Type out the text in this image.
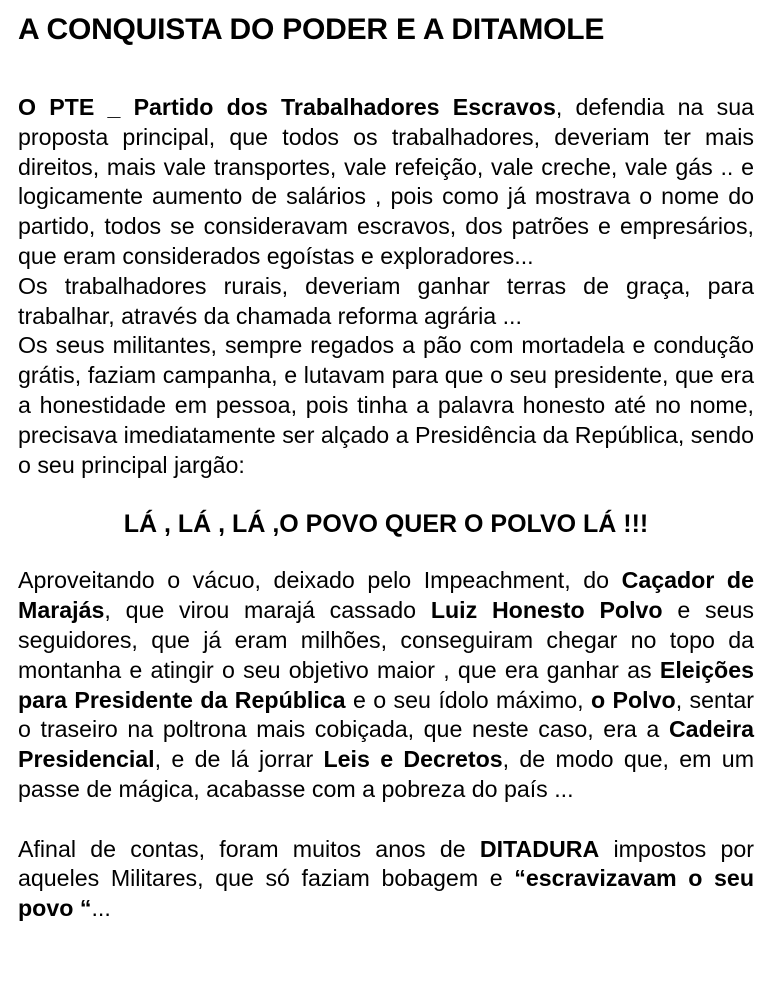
A CONQUISTA DO PODER E A DITAMOLE

O PTE _ Partido dos Trabalhadores Escravos, defendia na sua proposta principal, que todos os trabalhadores, deveriam ter mais direitos, mais vale transportes, vale refeição, vale creche, vale gás .. e logicamente aumento de salários , pois como já mostrava o nome do partido, todos se consideravam escravos, dos patrões e empresários, que eram considerados egoístas e exploradores...

Os trabalhadores rurais, deveriam ganhar terras de graça, para trabalhar, através da chamada reforma agrária ...

Os seus militantes, sempre regados a pão com mortadela e condução grátis, faziam campanha, e lutavam para que o seu presidente, que era a honestidade em pessoa, pois tinha a palavra honesto até no nome, precisava imediatamente ser alçado a Presidência da República, sendo o seu principal jargão:

LÁ , LÁ , LÁ ,O POVO QUER O POLVO LÁ !!!

Aproveitando o vácuo, deixado pelo Impeachment, do Caçador de Marajás, que virou marajá cassado Luiz Honesto Polvo e seus seguidores, que já eram milhões, conseguiram chegar no topo da montanha e atingir o seu objetivo maior , que era ganhar as Eleições para Presidente da República e o seu ídolo máximo, o Polvo, sentar o traseiro na poltrona mais cobiçada, que neste caso, era a Cadeira Presidencial, e de lá jorrar Leis e Decretos, de modo que, em um passe de mágica, acabasse com a pobreza do país ...

Afinal de contas, foram muitos anos de DITADURA impostos por aqueles Militares, que só faziam bobagem e “escravizavam o seu povo “...
